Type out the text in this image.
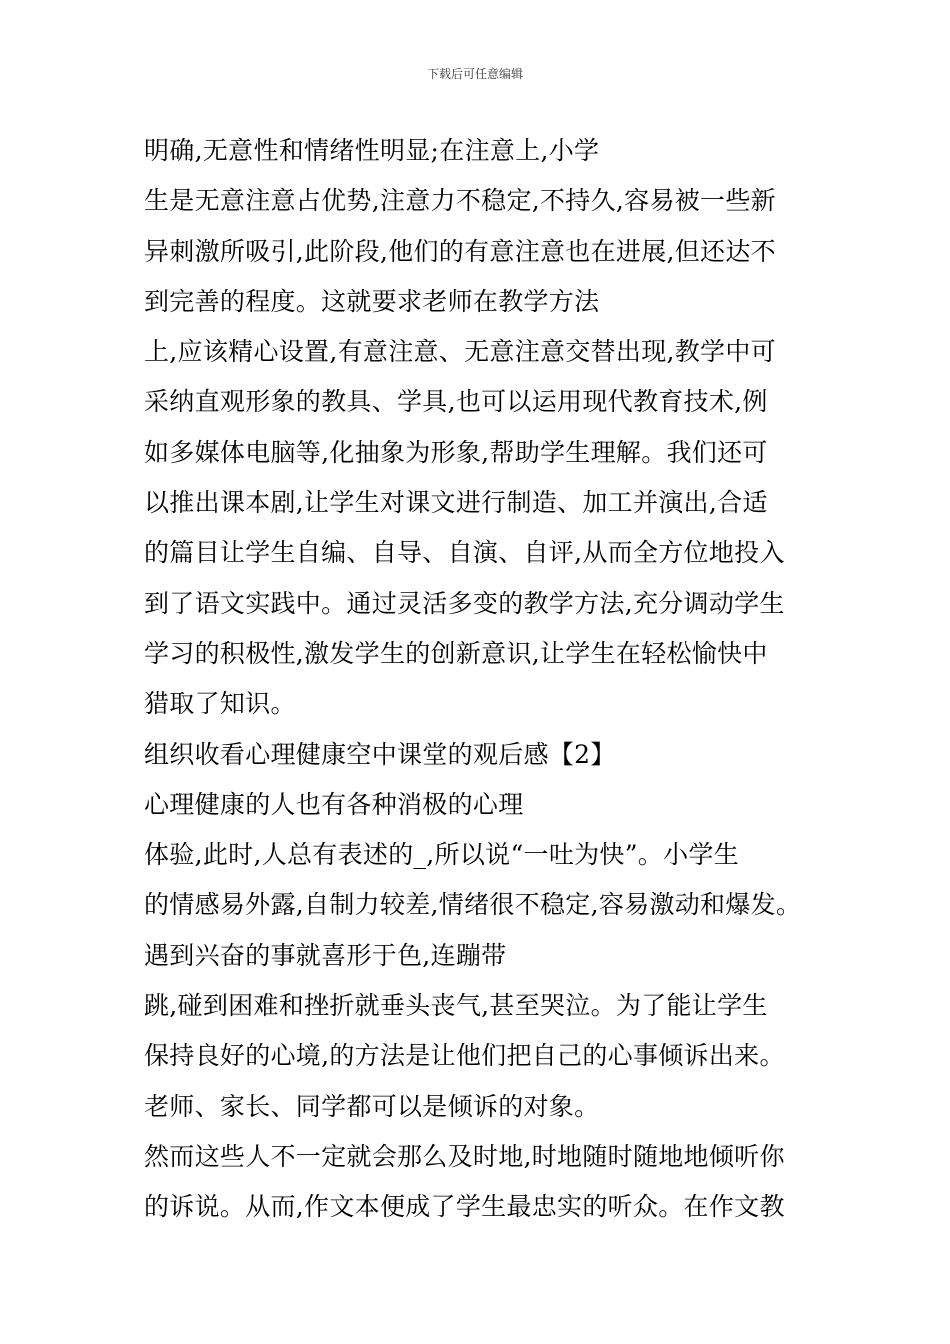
下载后可任意编辑
明确,无意性和情绪性明显;在注意上,小学
生是无意注意占优势,注意力不稳定,不持久,容易被一些新
异刺激所吸引,此阶段,他们的有意注意也在进展,但还达不
到完善的程度。这就要求老师在教学方法
上,应该精心设置,有意注意、无意注意交替出现,教学中可
采纳直观形象的教具、学具,也可以运用现代教育技术,例
如多媒体电脑等,化抽象为形象,帮助学生理解。我们还可
以推出课本剧,让学生对课文进行制造、加工并演出,合适
的篇目让学生自编、自导、自演、自评,从而全方位地投入
到了语文实践中。通过灵活多变的教学方法,充分调动学生
学习的积极性,激发学生的创新意识,让学生在轻松愉快中
猎取了知识。
组织收看心理健康空中课堂的观后感【2】
心理健康的人也有各种消极的心理
体验,此时,人总有表述的_,所以说“一吐为快”。小学生
的情感易外露,自制力较差,情绪很不稳定,容易激动和爆发。
遇到兴奋的事就喜形于色,连蹦带
跳,碰到困难和挫折就垂头丧气,甚至哭泣。为了能让学生
保持良好的心境,的方法是让他们把自己的心事倾诉出来。
老师、家长、同学都可以是倾诉的对象。
然而这些人不一定就会那么及时地,时地随时随地地倾听你
的诉说。从而,作文本便成了学生最忠实的听众。在作文教
